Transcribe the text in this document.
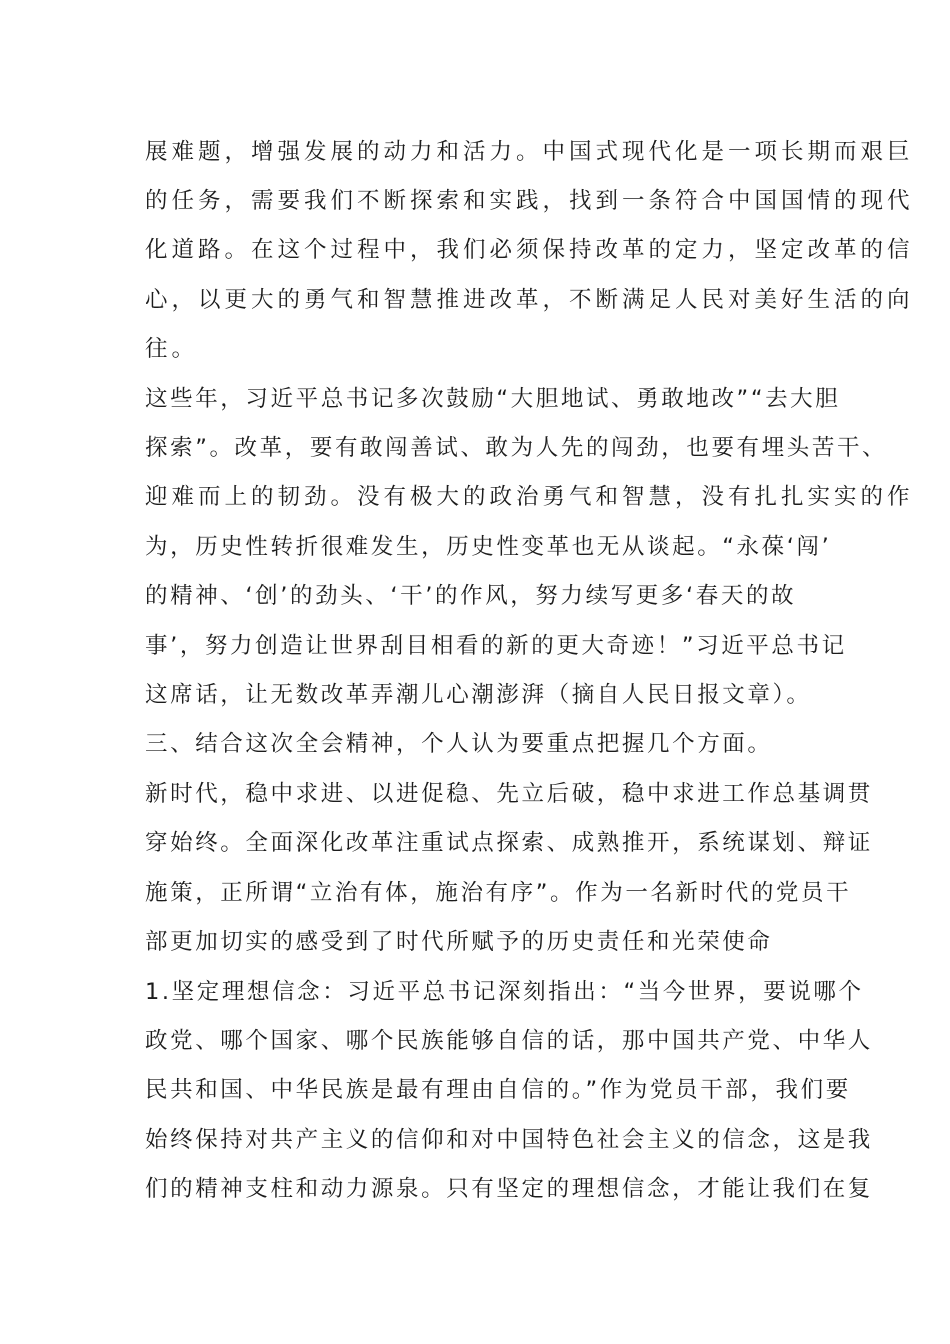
展难题，增强发展的动力和活力。中国式现代化是一项长期而艰巨
的任务，需要我们不断探索和实践，找到一条符合中国国情的现代
化道路。在这个过程中，我们必须保持改革的定力，坚定改革的信
心，以更大的勇气和智慧推进改革，不断满足人民对美好生活的向
往。
这些年，习近平总书记多次鼓励“大胆地试、勇敢地改”“去大胆
探索”。改革，要有敢闯善试、敢为人先的闯劲，也要有埋头苦干、
迎难而上的韧劲。没有极大的政治勇气和智慧，没有扎扎实实的作
为，历史性转折很难发生，历史性变革也无从谈起。“永葆‘闯’
的精神、‘创’的劲头、‘干’的作风，努力续写更多‘春天的故
事’，努力创造让世界刮目相看的新的更大奇迹！”习近平总书记
这席话，让无数改革弄潮儿心潮澎湃（摘自人民日报文章）。
三、结合这次全会精神，个人认为要重点把握几个方面。
新时代，稳中求进、以进促稳、先立后破，稳中求进工作总基调贯
穿始终。全面深化改革注重试点探索、成熟推开，系统谋划、辩证
施策，正所谓“立治有体，施治有序”。作为一名新时代的党员干
部更加切实的感受到了时代所赋予的历史责任和光荣使命
1.坚定理想信念：习近平总书记深刻指出：“当今世界，要说哪个
政党、哪个国家、哪个民族能够自信的话，那中国共产党、中华人
民共和国、中华民族是最有理由自信的。”作为党员干部，我们要
始终保持对共产主义的信仰和对中国特色社会主义的信念，这是我
们的精神支柱和动力源泉。只有坚定的理想信念，才能让我们在复
